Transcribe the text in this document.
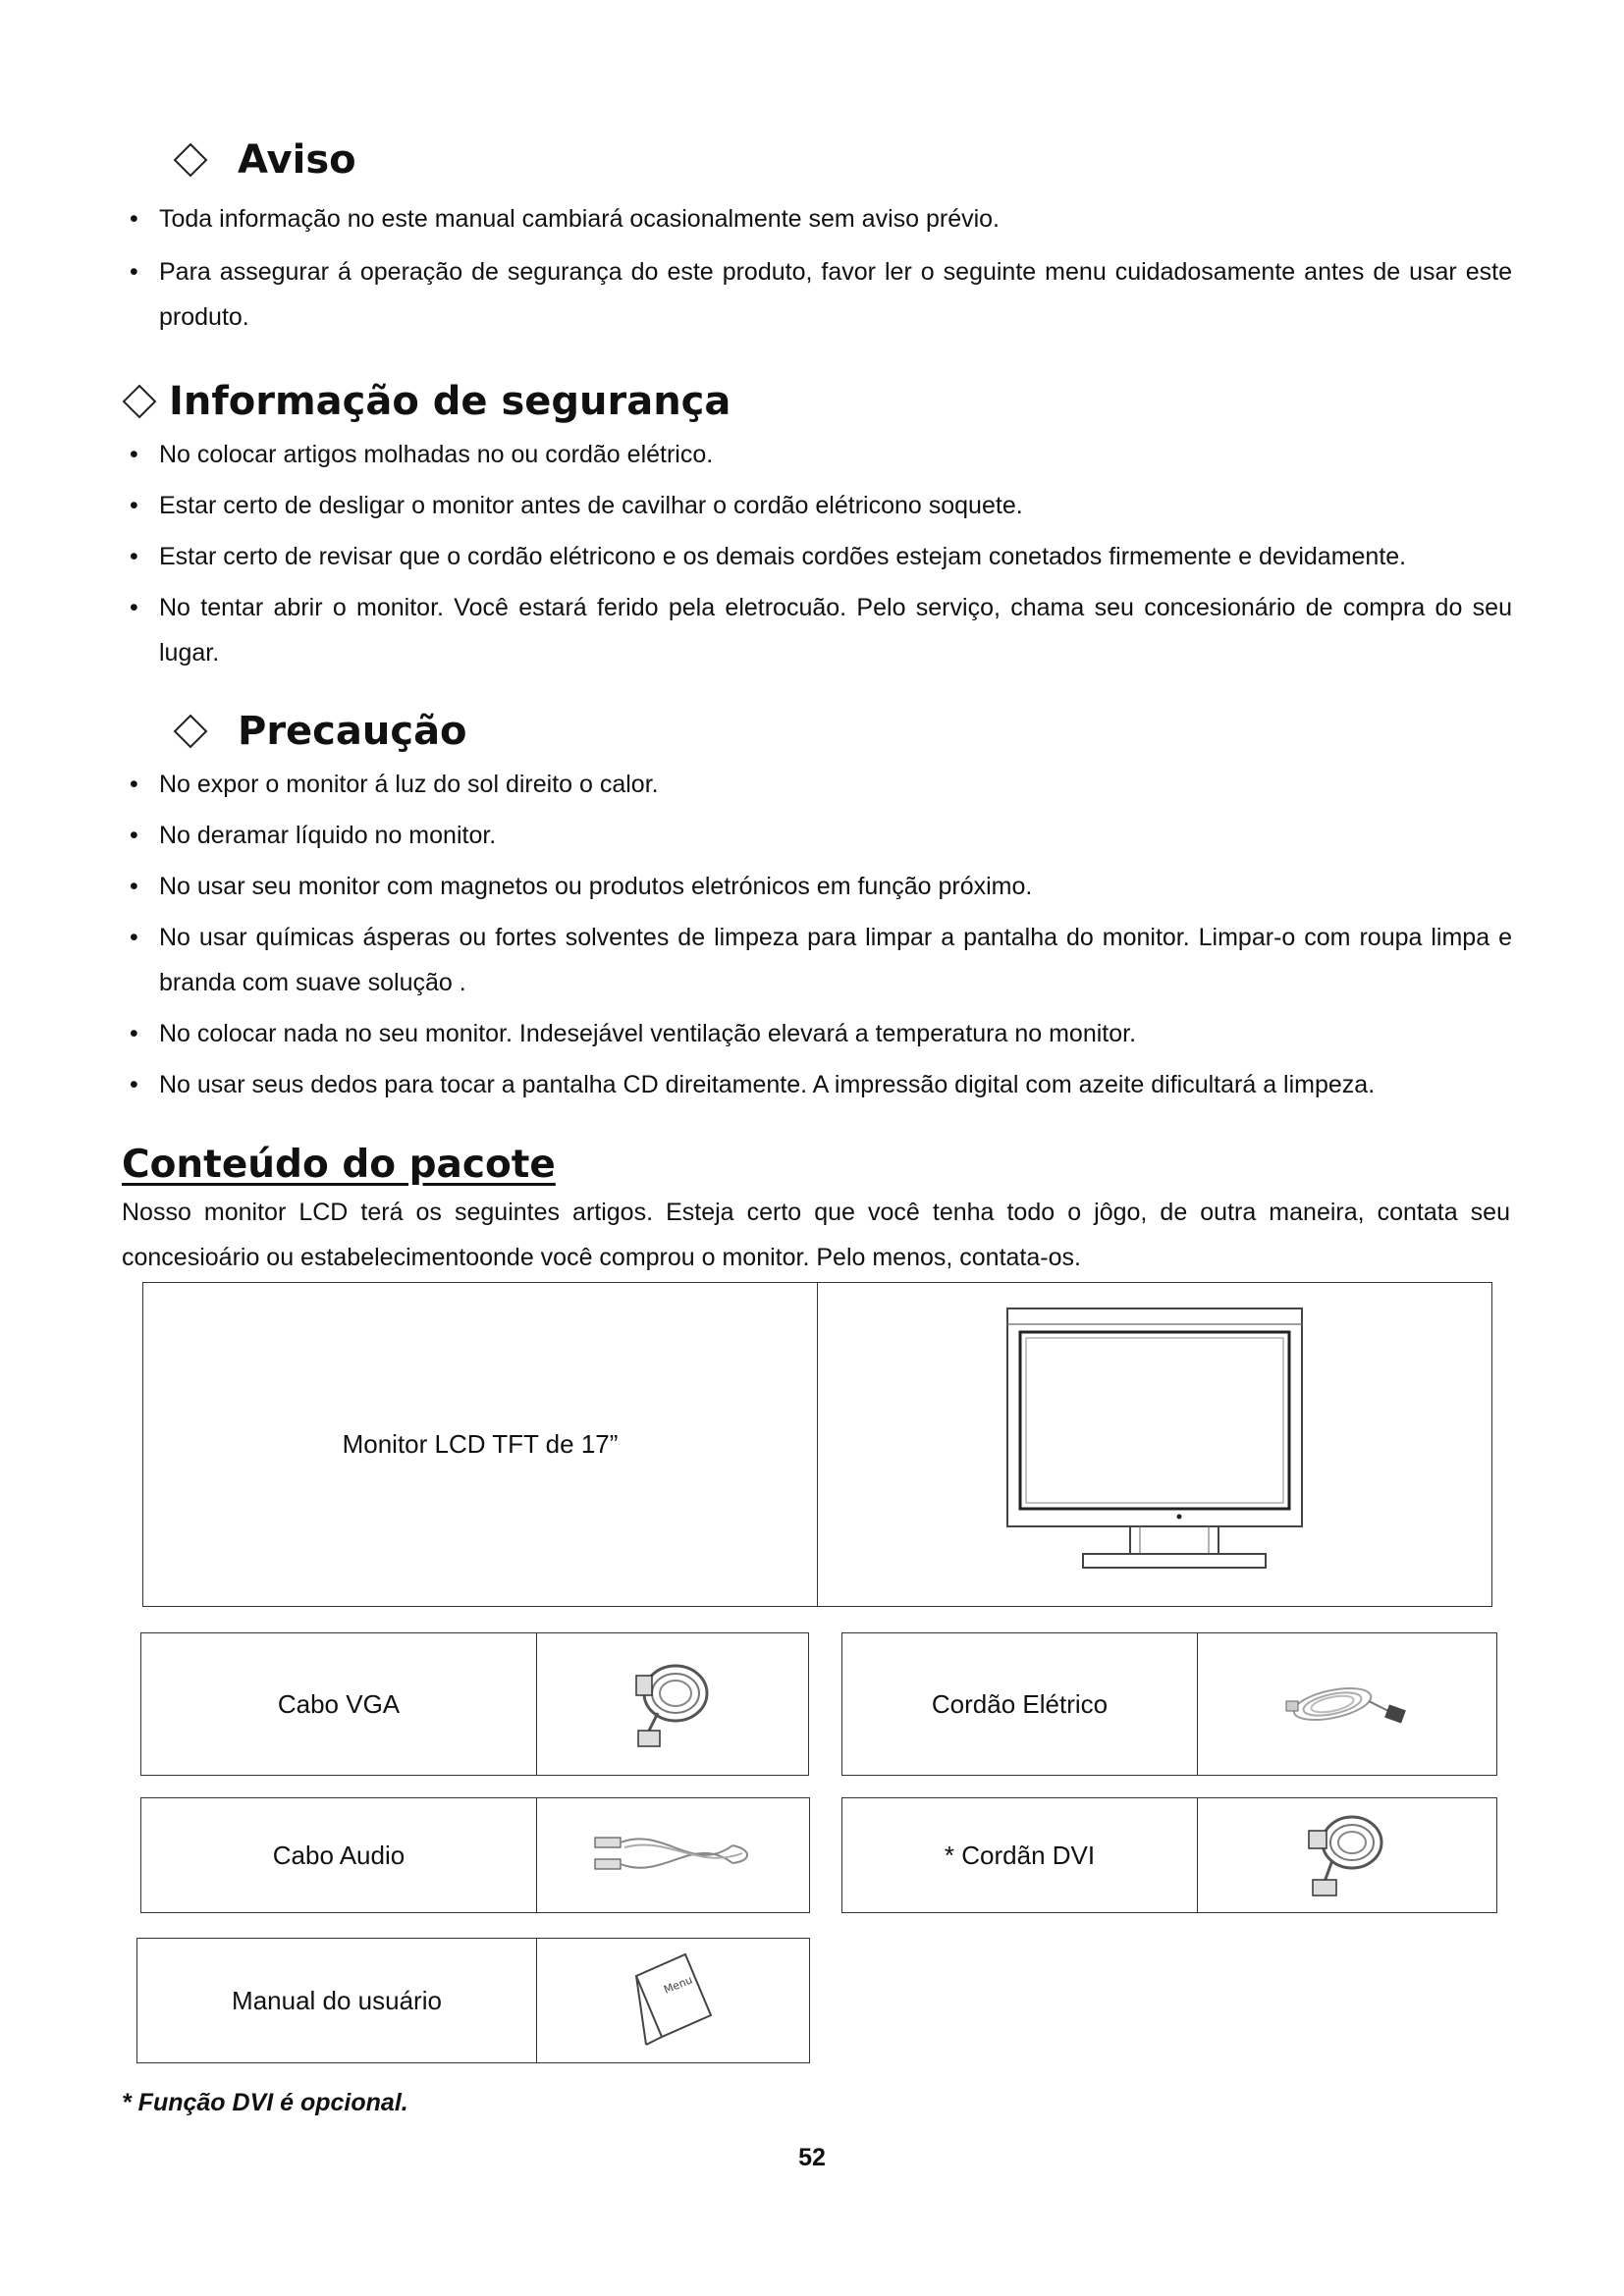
Aviso
• Toda informação no este manual cambiará ocasionalmente sem aviso prévio.
• Para assegurar á operação de segurança do este produto, favor ler o seguinte menu cuidadosamente antes de usar este produto.
Informação de segurança
• No colocar artigos molhadas no ou cordão elétrico.
• Estar certo de desligar o monitor antes de cavilhar o cordão elétricono soquete.
• Estar certo de revisar que o cordão elétricono e os demais cordões estejam conetados firmemente e devidamente.
• No tentar abrir o monitor. Você estará ferido pela eletrocuão. Pelo serviço, chama seu concesionário de compra do seu lugar.
Precaução
• No expor o monitor á luz do sol direito o calor.
• No deramar líquido no monitor.
• No usar seu monitor com magnetos ou produtos eletrónicos em função próximo.
• No usar químicas ásperas ou fortes solventes de limpeza para limpar a pantalha do monitor. Limpar-o com roupa limpa e branda com suave solução .
• No colocar nada no seu monitor. Indesejável ventilação elevará a temperatura no monitor.
• No usar seus dedos para tocar a pantalha CD direitamente. A impressão digital com azeite dificultará a limpeza.
Conteúdo do pacote

Nosso monitor LCD terá os seguintes artigos. Esteja certo que você tenha todo o jôgo, de outra maneira, contata seu concesioário ou estabelecimentoonde você comprou o monitor. Pelo menos, contata-os.

Monitor LCD TFT de 17”
Cabo VGA	Cordão Elétrico
Cabo Audio	* Cordãn DVI
Manual do usuário
Menu
* Função DVI é opcional.
52
